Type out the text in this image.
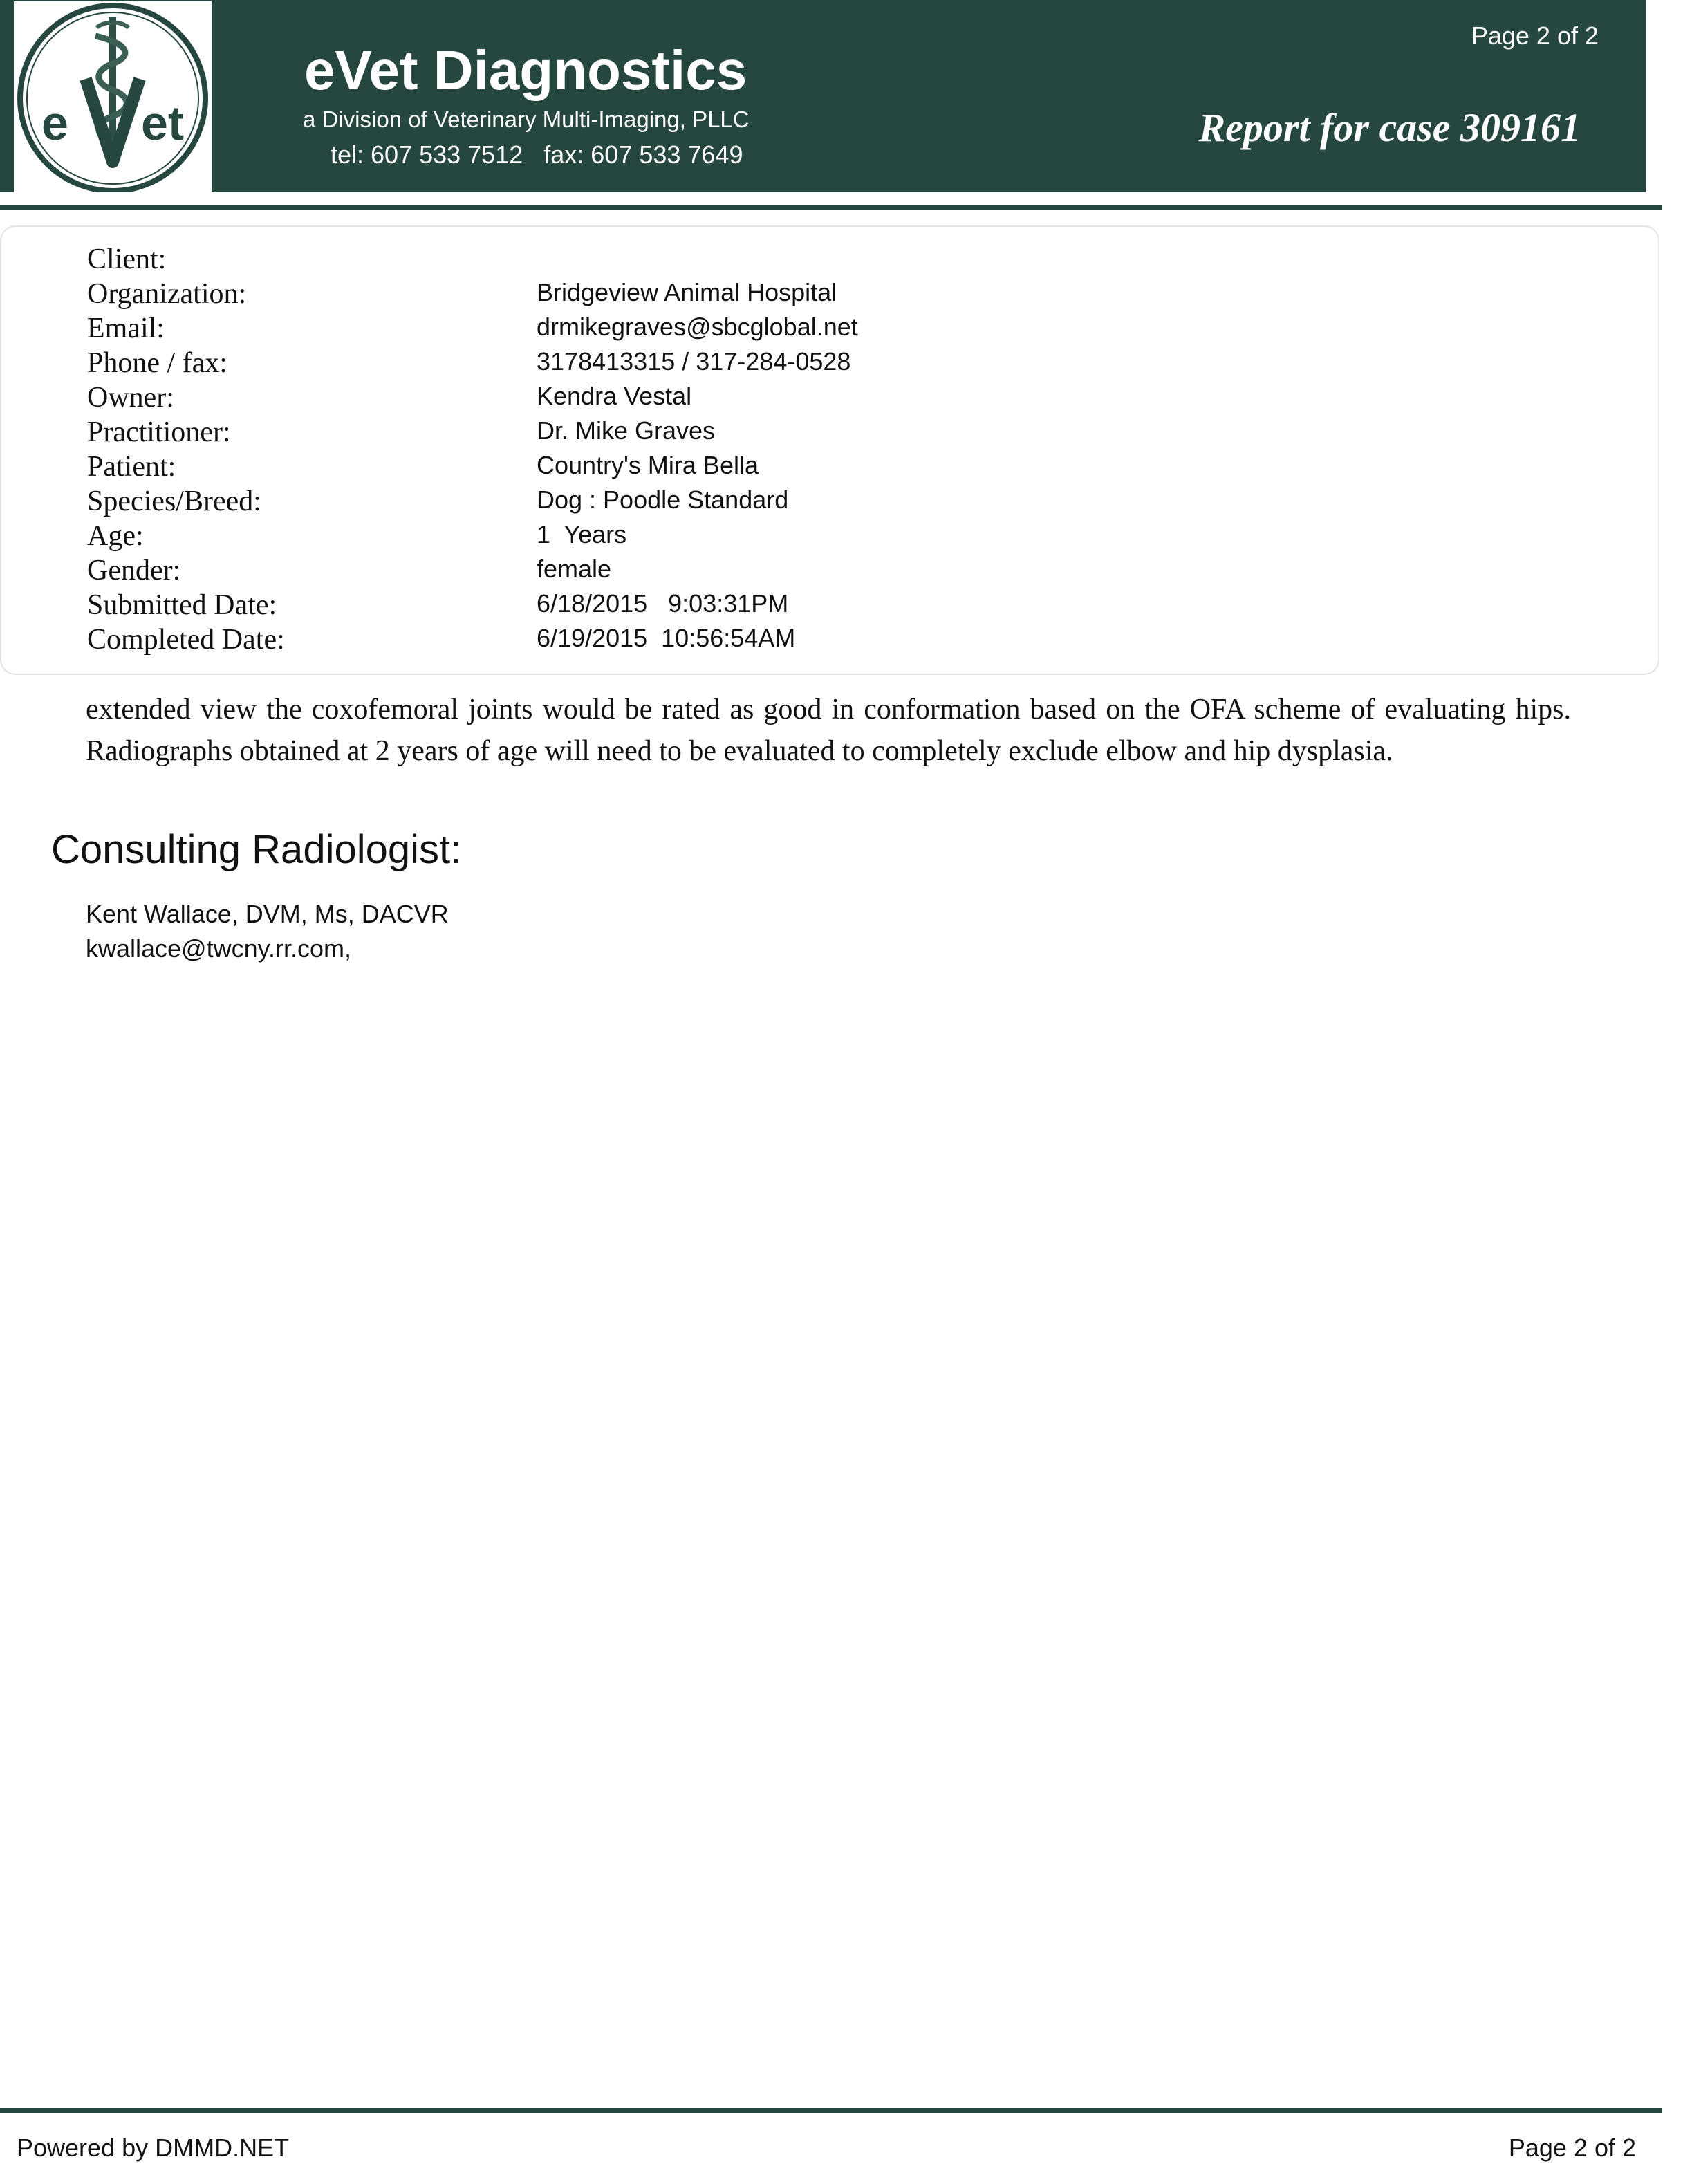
e et
eVet Diagnostics
a Division of Veterinary Multi-Imaging, PLLC
tel: 607 533 7512   fax: 607 533 7649
Page 2 of 2
Report for case 309161
Client:
Organization:	Bridgeview Animal Hospital
Email:	drmikegraves@sbcglobal.net
Phone / fax:	3178413315 / 317-284-0528
Owner:	Kendra Vestal
Practitioner:	Dr. Mike Graves
Patient:	Country's Mira Bella
Species/Breed:	Dog : Poodle Standard
Age:	1  Years
Gender:	female
Submitted Date:	6/18/2015   9:03:31PM
Completed Date:	6/19/2015  10:56:54AM

extended view the coxofemoral joints would be rated as good in conformation based on the OFA scheme of evaluating hips. Radiographs obtained at 2 years of age will need to be evaluated to completely exclude elbow and hip dysplasia.

Consulting Radiologist:
Kent Wallace, DVM, Ms, DACVR
kwallace@twcny.rr.com,
Powered by DMMD.NET	Page 2 of 2
